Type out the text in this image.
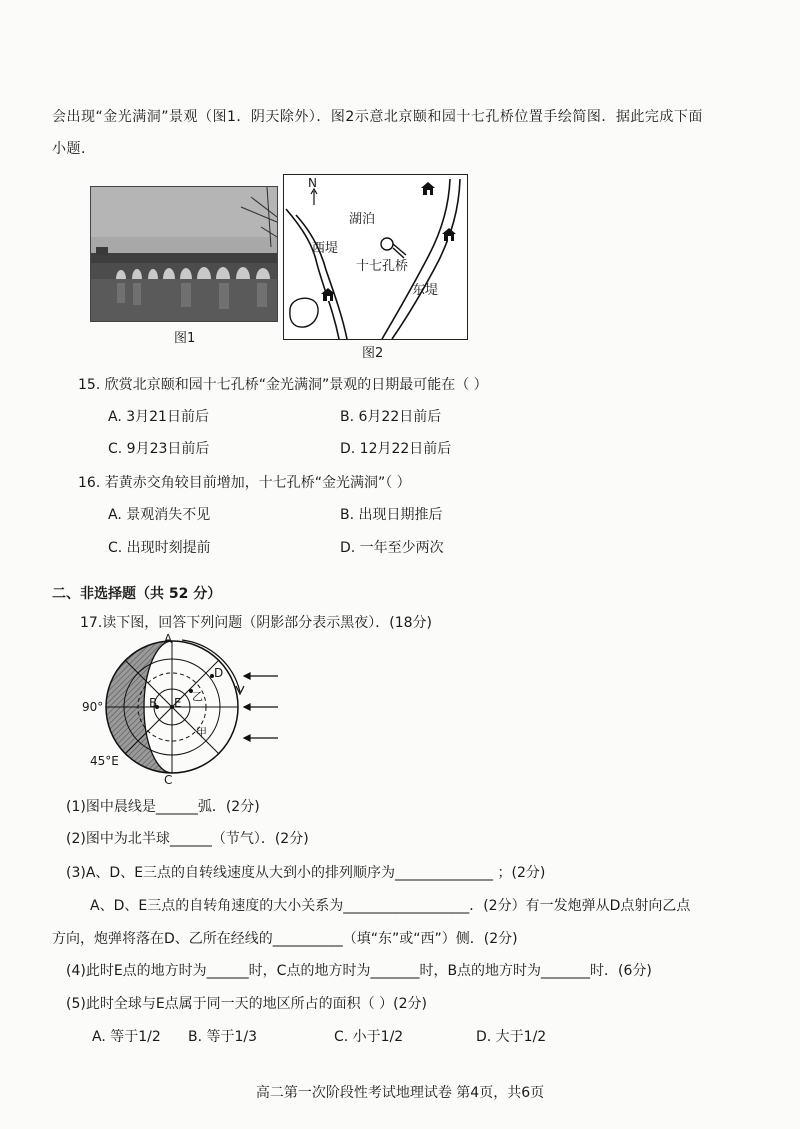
会出现“金光满洞”景观（图1．阴天除外）．图2示意北京颐和园十七孔桥位置手绘简图．据此完成下面
小题．
图1
N
湖泊
西堤
十七孔桥
东堤
图2
15. 欣赏北京颐和园十七孔桥“金光满洞”景观的日期最可能在（ ）
A. 3月21日前后	B. 6月22日前后
C. 9月23日前后	D. 12月22日前后
16. 若黄赤交角较目前增加，十七孔桥“金光满洞”（ ）
A. 景观消失不见	B. 出现日期推后
C. 出现时刻提前	D. 一年至少两次
二、非选择题（共 52 分）
17.读下图，回答下列问题（阴影部分表示黑夜）．(18分)
A
C
D
乙
B E
甲
90°
45°E
(1)图中晨线是______弧．(2分)
(2)图中为北半球______（节气）．(2分)
(3)A、D、E三点的自转线速度从大到小的排列顺序为______________ ；(2分)
A、D、E三点的自转角速度的大小关系为__________________．(2分）有一发炮弹从D点射向乙点
方向，炮弹将落在D、乙所在经线的__________（填“东”或“西”）侧．(2分)
(4)此时E点的地方时为______时，C点的地方时为_______时，B点的地方时为_______时．(6分)
(5)此时全球与E点属于同一天的地区所占的面积（ ）(2分)
A. 等于1/2 B. 等于1/3	C. 小于1/2	D. 大于1/2
高二第一次阶段性考试地理试卷 第4页，共6页
